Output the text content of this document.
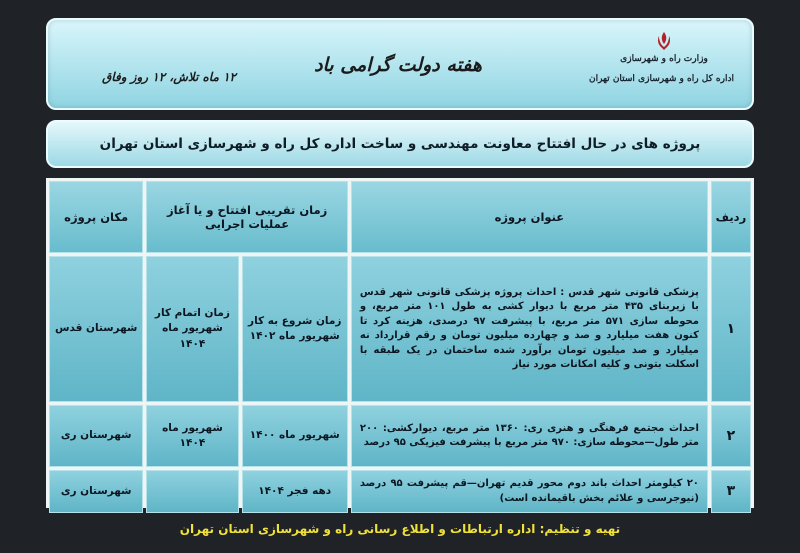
وزارت راه و شهرسازی
اداره کل راه و شهرسازی استان تهران
هفته دولت گرامی باد
۱۲ ماه تلاش، ۱۲ روز وفاق
پروژه های در حال افتتاح معاونت مهندسی و ساخت اداره کل راه و شهرسازی استان تهران
ردیف	عنوان پروژه	زمان تقریبی افتتاح و یا آغاز عملیات اجرایی		مکان پروژه
۱	پزشکی قانونی شهر قدس : احداث پروژه پزشکی قانونی شهر قدس با زیربنای ۴۳۵ متر مربع با دیوار کشی به طول ۱۰۱ متر مربع، و محوطه سازی ۵۷۱ متر مربع، با پیشرفت ۹۷ درصدی، هزینه کرد تا کنون هفت میلیارد و صد و چهارده میلیون تومان و رقم قرارداد نه میلیارد و صد میلیون تومان برآورد شده ساختمان در یک طبقه با اسکلت بتونی و کلیه امکانات مورد نیاز	زمان شروع به کار شهریور ماه ۱۴۰۲	زمان اتمام کار شهریور ماه ۱۴۰۴	شهرستان قدس
۲	احداث مجتمع فرهنگی و هنری ری: ۱۳۶۰ متر مربع، دیوارکشی: ۲۰۰ متر طول—محوطه سازی: ۹۷۰ متر مربع با پیشرفت فیزیکی ۹۵ درصد	شهریور ماه ۱۴۰۰	شهریور ماه ۱۴۰۴	شهرستان ری
۳	۲۰ کیلومتر احداث باند دوم محور قدیم تهران—قم پیشرفت ۹۵ درصد (نیوجرسی و علائم بخش باقیمانده است)	دهه فجر ۱۴۰۴		شهرستان ری
تهیه و تنظیم: اداره ارتباطات و اطلاع رسانی راه و شهرسازی استان تهران
